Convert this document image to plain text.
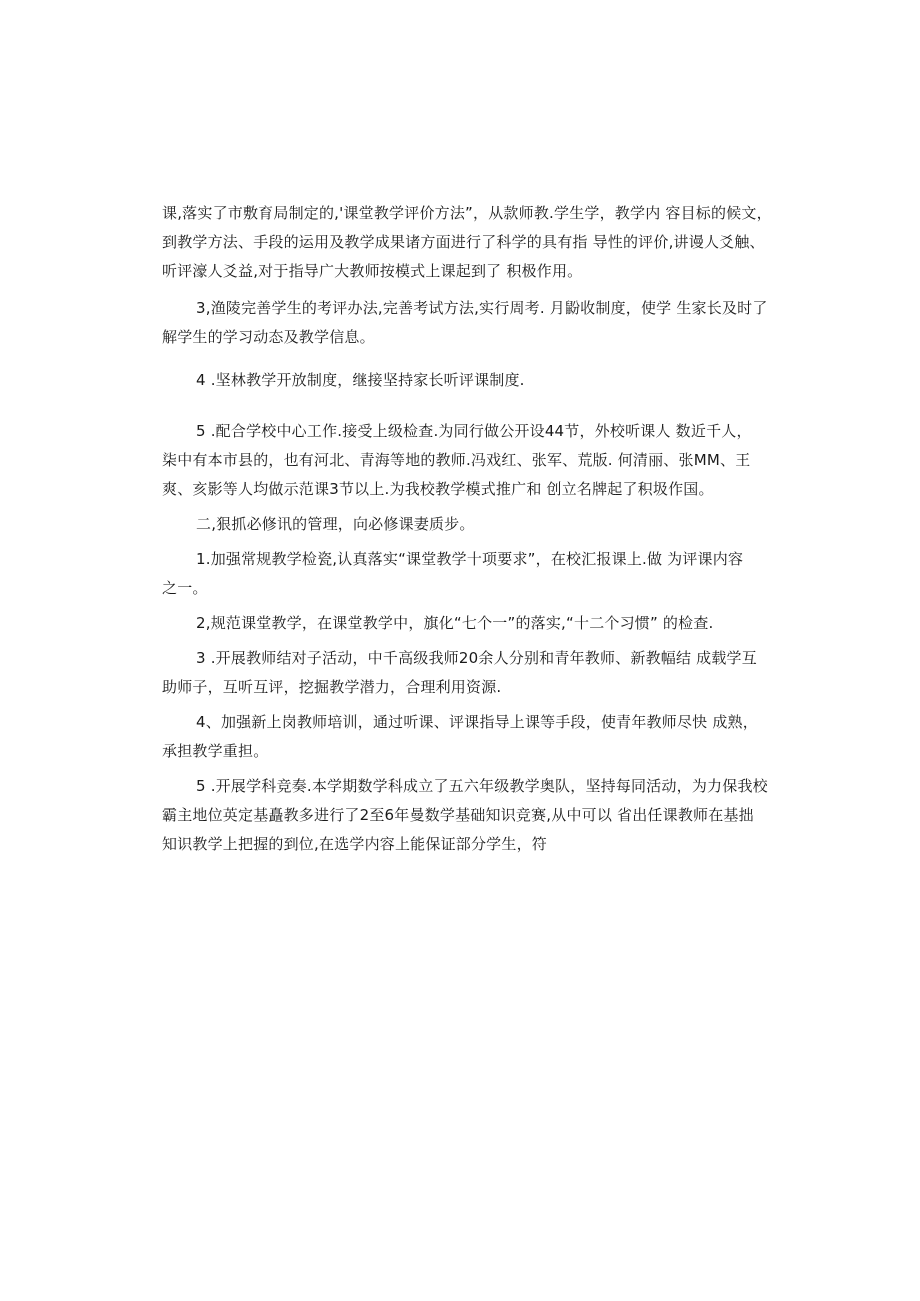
课,落实了市敷育局制定的,'课堂教学评价方法”，从款师教.学生学，教学内 容目标的候文，
到教学方法、手段的运用及教学成果诸方面进行了科学的具有指 导性的评价,讲谩人爻触、
听评濠人爻益,对于指导广大教师按模式上课起到了 积极作用。

3,渔陵完善学生的考评办法,完善考试方法,实行周考. 月鼢收制度，使学 生家长及时了
解学生的学习动态及教学信息。

4 .坚林教学开放制度，继接坚持家长听评课制度.

5 .配合学校中心工作.接受上级检查.为同行做公开设44节，外校听课人 数近千人，
柒中有本市县的，也有河北、青海等地的教师.冯戏红、张军、荒版. 何清丽、张MM、王
爽、亥影等人均做示范课3节以上.为我校教学模式推广和 创立名牌起了积圾作国。

二,狠抓必修讯的管理，向必修课妻质步。

1.加强常规教学检瓷,认真落实“课堂教学十项要求”，在校汇报课上.做 为评课内容
之一。

2,规范课堂教学，在课堂教学中，旗化“七个一”的落实,“十二个习惯” 的检查.

3 .开展教师结对子活动，中千高级我师20余人分别和青年教师、新教幅结 成载学互
助师子，互听互评，挖掘教学潜力，合理利用资源.

4、加强新上岗教师培训，通过听课、评课指导上课等手段，使青年教师尽快 成熟，
承担教学重担。

5 .开展学科竞奏.本学期数学科成立了五六年级教学奥队，坚持每同活动，为力保我校
霸主地位英定基矗教多进行了2至6年曼数学基础知识竞赛,从中可以 省出任课教师在基拙
知识教学上把握的到位,在选学内容上能保证部分学生，符
